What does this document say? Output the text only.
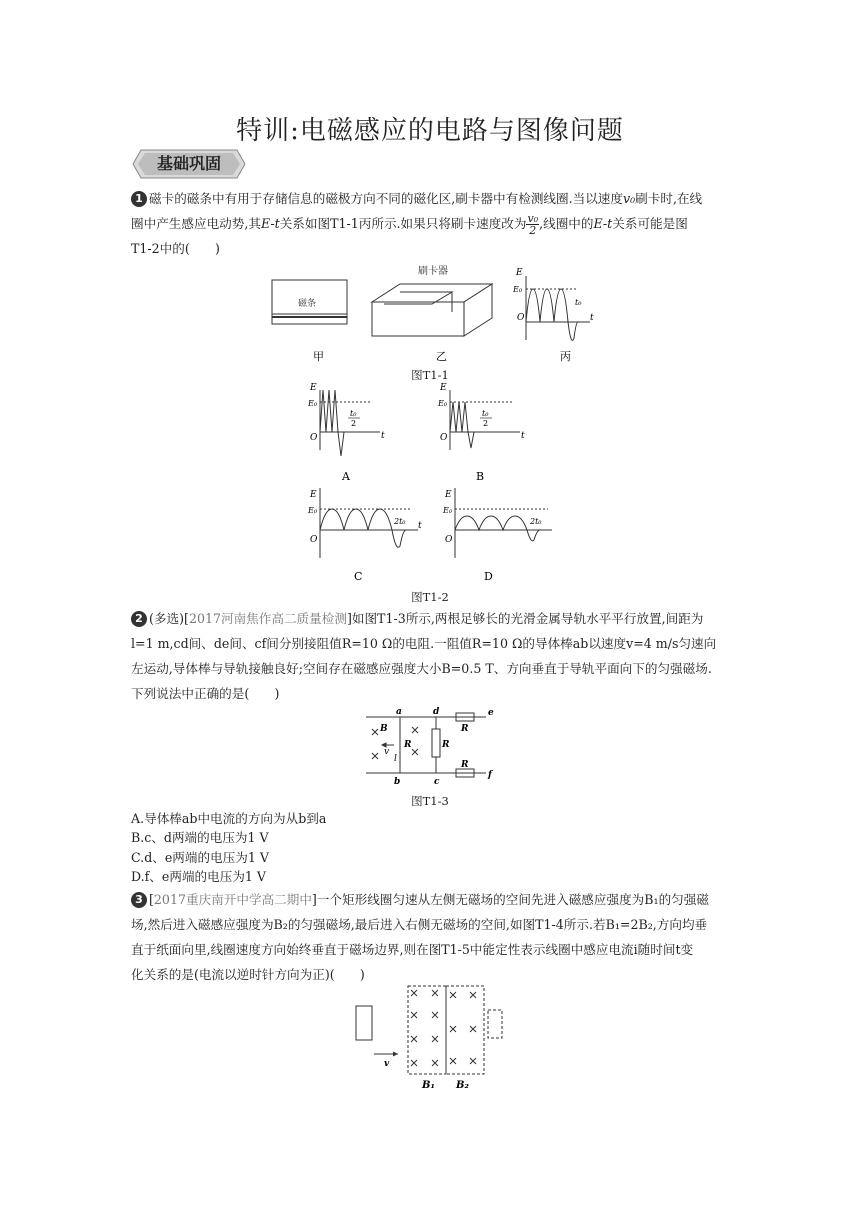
特训:电磁感应的电路与图像问题
基础巩固
1 磁卡的磁条中有用于存储信息的磁极方向不同的磁化区,刷卡器中有检测线圈.当以速度v₀刷卡时,在线
圈中产生感应电动势,其E-t关系如图T1-1丙所示.如果只将刷卡速度改为 $\frac{\text{v₀}}{2}$ ,线圈中的E-t关系可能是图
T1-2中的(　　)
磁条
刷卡器	E
E₀
O	t
t₀
甲	乙	丙
图T1-1
E
E₀
O	t
t₀
2
A
E
E₀
O	t
t₀
2
B
E
E₀
O
t
2t₀
C
E
E₀
O
2t₀
D
图T1-2
2 (多选)[2017河南焦作高二质量检测]如图T1-3所示,两根足够长的光滑金属导轨水平平行放置,间距为
l=1 m,cd间、de间、cf间分别接阻值R=10 Ω的电阻.一阻值R=10 Ω的导体棒ab以速度v=4 m/s匀速向
左运动,导体棒与导轨接触良好;空间存在磁感应强度大小B=0.5 T、方向垂直于导轨平面向下的匀强磁场.
下列说法中正确的是(　　)
a
b	c
d	e
f
B
v
R
l
R
R
R
图T1-3
A.导体棒ab中电流的方向为从b到a
B.c、d两端的电压为1 V
C.d、e两端的电压为1 V
D.f、e两端的电压为1 V
3 [2017重庆南开中学高二期中]一个矩形线圈匀速从左侧无磁场的空间先进入磁感应强度为B₁的匀强磁
场,然后进入磁感应强度为B₂的匀强磁场,最后进入右侧无磁场的空间,如图T1-4所示.若B₁=2B₂,方向均垂
直于纸面向里,线圈速度方向始终垂直于磁场边界,则在图T1-5中能定性表示线圈中感应电流i随时间t变
化关系的是(电流以逆时针方向为正)(　　)
v
B₁ B₂
